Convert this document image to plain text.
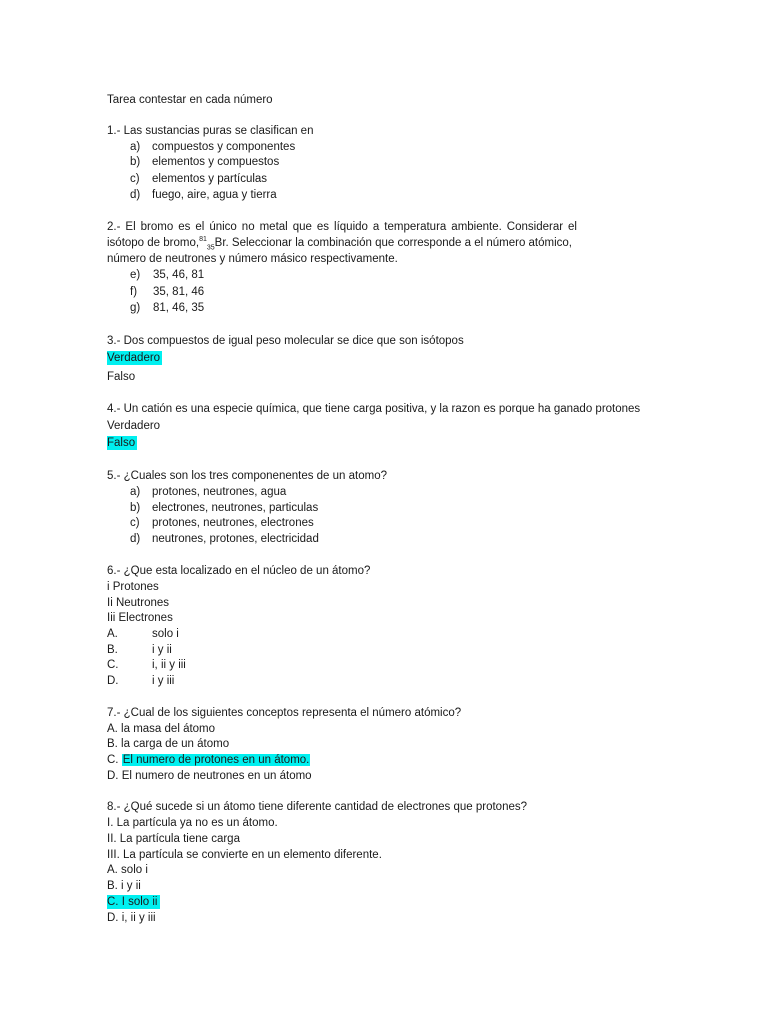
Tarea contestar en cada número
1.- Las sustancias puras se clasifican en
a) compuestos y componentes
b) elementos y compuestos
c) elementos y partículas
d) fuego, aire, agua y tierra
2.- El bromo es el único no metal que es líquido a temperatura ambiente. Considerar el
isótopo de bromo,$^{81}_{35}$Br. Seleccionar la combinación que corresponde a el número atómico,
número de neutrones y número másico respectivamente.
e) 35, 46, 81
f) 35, 81, 46
g) 81, 46, 35
3.- Dos compuestos de igual peso molecular se dice que son isótopos
Verdadero
Falso
4.- Un catión es una especie química, que tiene carga positiva, y la razon es porque ha ganado protones
Verdadero
Falso
5.- ¿Cuales son los tres componenentes de un atomo?
a) protones, neutrones, agua
b) electrones, neutrones, particulas
c) protones, neutrones, electrones
d) neutrones, protones, electricidad
6.- ¿Que esta localizado en el núcleo de un átomo?
i Protones
Ii Neutrones
Iii Electrones
A.	solo i
B.	i y ii
C.	i, ii y iii
D.	i y iii
7.- ¿Cual de los siguientes conceptos representa el número atómico?
A. la masa del átomo
B. la carga de un átomo
C. El numero de protones en un átomo.
D. El numero de neutrones en un átomo
8.- ¿Qué sucede si un átomo tiene diferente cantidad de electrones que protones?
I. La partícula ya no es un átomo.
II. La partícula tiene carga
III. La partícula se convierte en un elemento diferente.
A. solo i
B. i y ii
C. I solo ii
D. i, ii y iii
